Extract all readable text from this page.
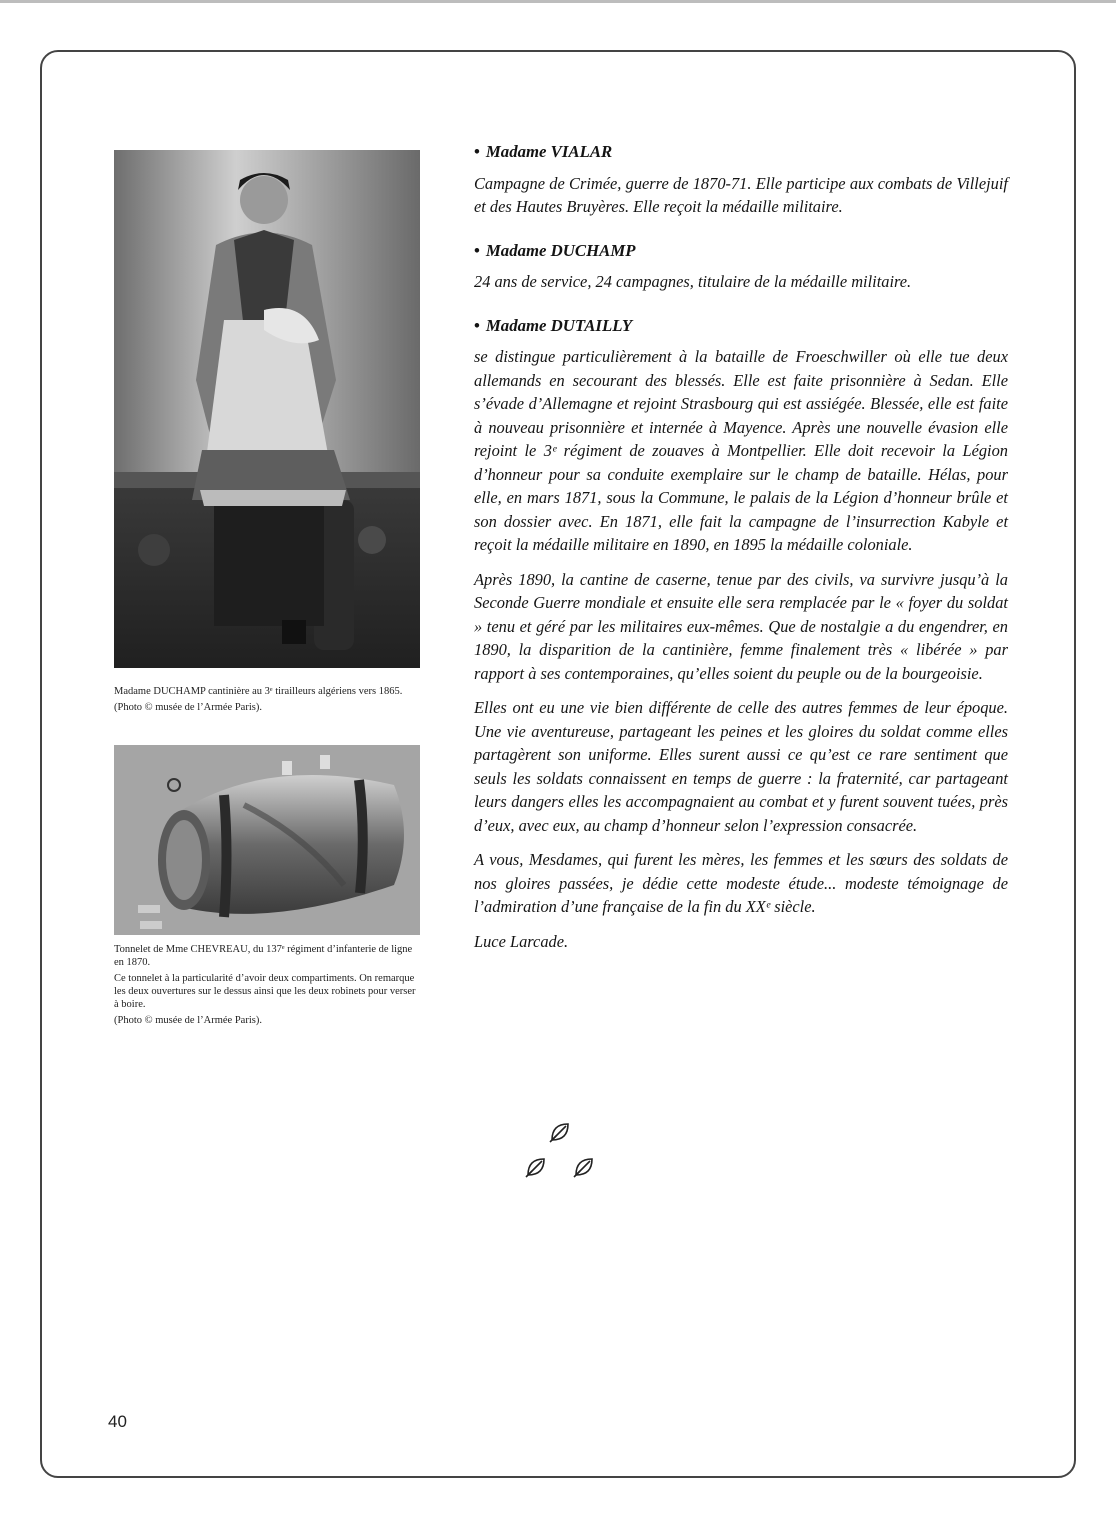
Madame DUCHAMP cantinière au 3ᵉ tirailleurs algériens vers 1865.

(Photo © musée de l’Armée Paris).

Tonnelet de Mme CHEVREAU, du 137ᵉ régiment d’infanterie de ligne en 1870.

Ce tonnelet à la particularité d’avoir deux compartiments. On remarque les deux ouvertures sur le dessus ainsi que les deux robinets pour verser à boire.

(Photo © musée de l’Armée Paris).

• Madame VIALAR

Campagne de Crimée, guerre de 1870-71. Elle participe aux combats de Villejuif et des Hautes Bruyères. Elle reçoit la médaille militaire.

• Madame DUCHAMP

24 ans de service, 24 campagnes, titulaire de la médaille militaire.

• Madame DUTAILLY

se distingue particulièrement à la bataille de Froeschwiller où elle tue deux allemands en secourant des blessés. Elle est faite prisonnière à Sedan. Elle s’évade d’Allemagne et rejoint Strasbourg qui est assiégée. Blessée, elle est faite à nouveau prisonnière et internée à Mayence. Après une nouvelle évasion elle rejoint le 3ᵉ régiment de zouaves à Montpellier. Elle doit recevoir la Légion d’honneur pour sa conduite exemplaire sur le champ de bataille. Hélas, pour elle, en mars 1871, sous la Commune, le palais de la Légion d’honneur brûle et son dossier avec. En 1871, elle fait la campagne de l’insurrection Kabyle et reçoit la médaille militaire en 1890, en 1895 la médaille coloniale.

Après 1890, la cantine de caserne, tenue par des civils, va survivre jusqu’à la Seconde Guerre mondiale et ensuite elle sera remplacée par le « foyer du soldat » tenu et géré par les militaires eux-mêmes. Que de nostalgie a du engendrer, en 1890, la disparition de la cantinière, femme finalement très « libérée » par rapport à ses contemporaines, qu’elles soient du peuple ou de la bourgeoisie.

Elles ont eu une vie bien différente de celle des autres femmes de leur époque. Une vie aventureuse, partageant les peines et les gloires du soldat comme elles partagèrent son uniforme. Elles surent aussi ce qu’est ce rare sentiment que seuls les soldats connaissent en temps de guerre : la fraternité, car partageant leurs dangers elles les accompagnaient au combat et y furent souvent tuées, près d’eux, avec eux, au champ d’honneur selon l’expression consacrée.

A vous, Mesdames, qui furent les mères, les femmes et les sœurs des soldats de nos gloires passées, je dédie cette modeste étude... modeste témoignage de l’admiration d’une française de la fin du XXᵉ siècle.

Luce Larcade.

40
